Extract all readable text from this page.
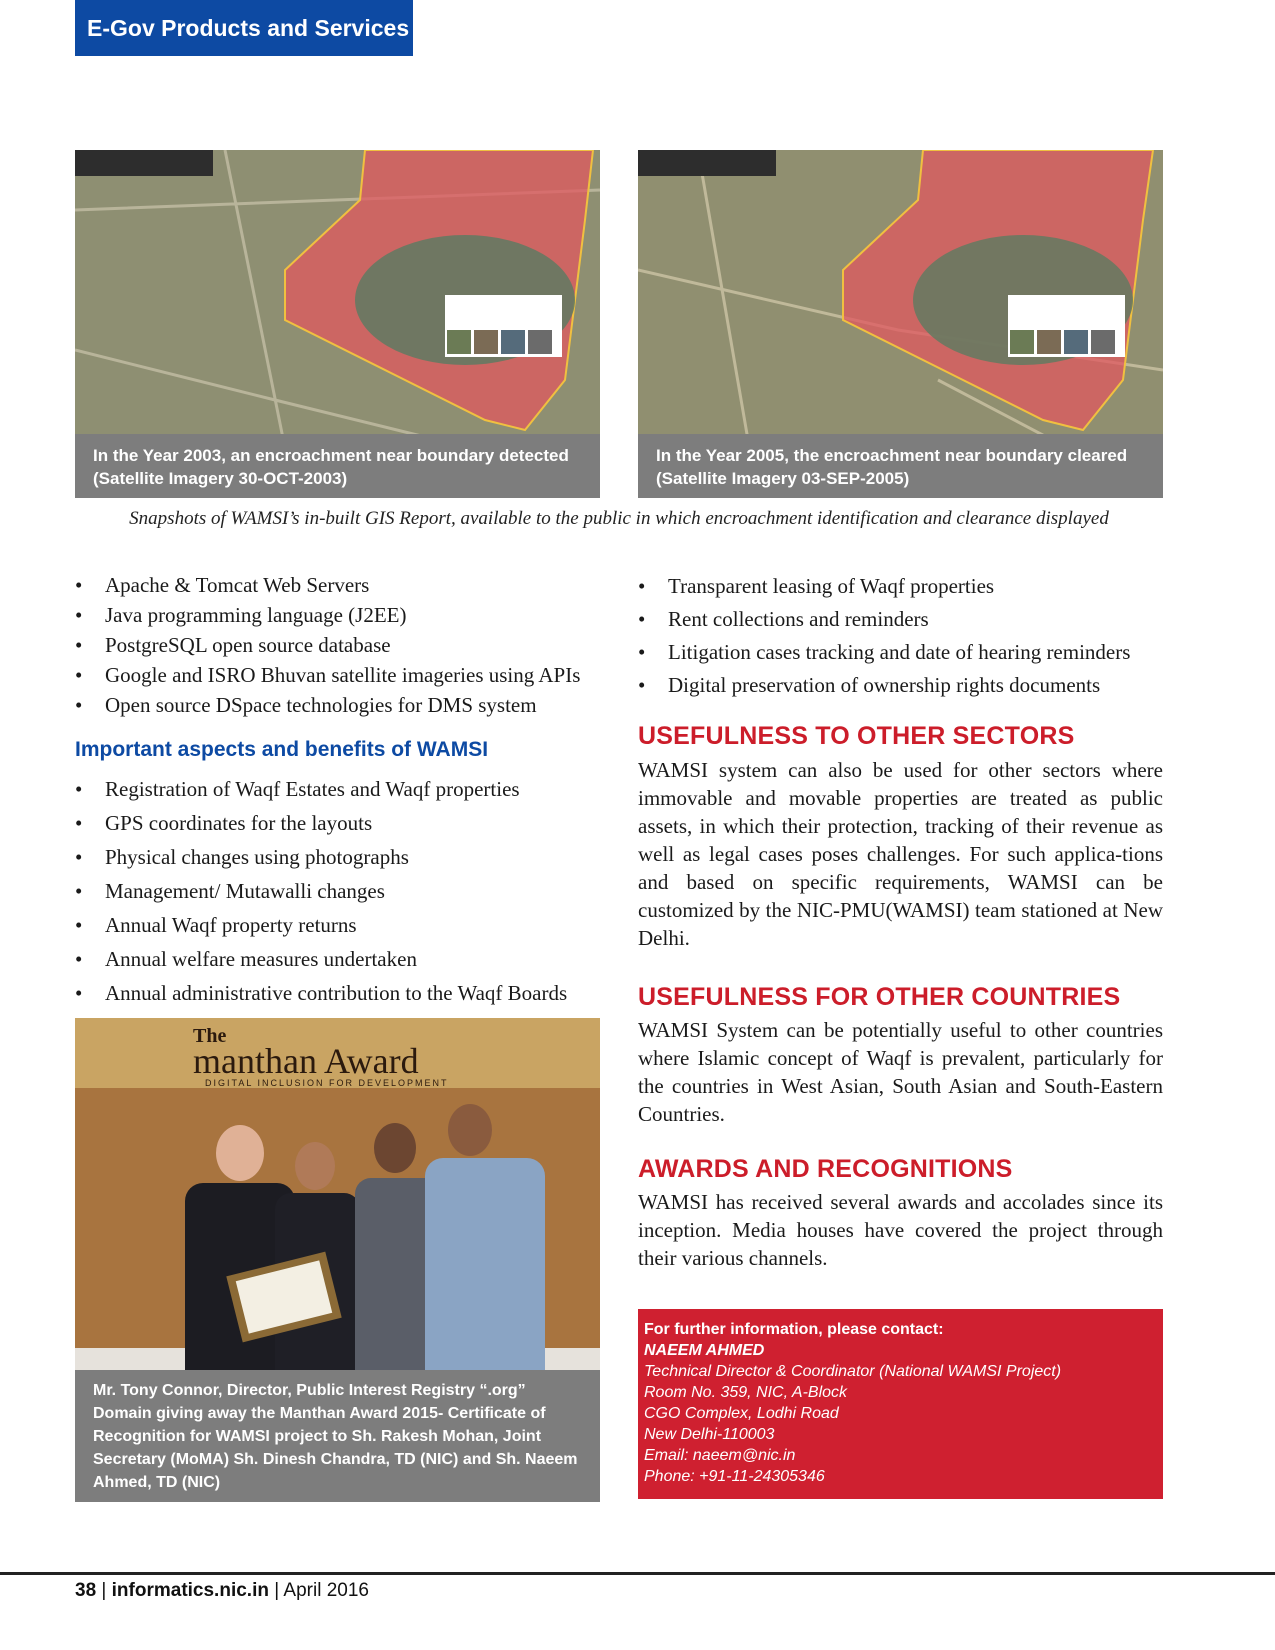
E-Gov Products and Services
In the Year 2003, an encroachment near boundary detected
(Satellite Imagery 30-OCT-2003)
In the Year 2005, the encroachment near boundary cleared
(Satellite Imagery 03-SEP-2005)
Snapshots of WAMSI’s in-built GIS Report, available to the public in which encroachment identification and clearance displayed
• Apache & Tomcat Web Servers
• Java programming language (J2EE)
• PostgreSQL open source database
• Google and ISRO Bhuvan satellite imageries using APIs
• Open source DSpace technologies for DMS system
Important aspects and benefits of WAMSI
• Registration of Waqf Estates and Waqf properties
• GPS coordinates for the layouts
• Physical changes using photographs
• Management/ Mutawalli changes
• Annual Waqf property returns
• Annual welfare measures undertaken
• Annual administrative contribution to the Waqf Boards
The
manthan Award
DIGITAL INCLUSION FOR DEVELOPMENT
Mr. Tony Connor, Director, Public Interest Registry “.org” Domain giving away the Manthan Award 2015- Certificate of Recognition for WAMSI project to Sh. Rakesh Mohan, Joint Secretary (MoMA) Sh. Dinesh Chandra, TD (NIC) and Sh. Naeem Ahmed, TD (NIC)
• Transparent leasing of Waqf properties
• Rent collections and reminders
• Litigation cases tracking and date of hearing reminders
• Digital preservation of ownership rights documents
USEFULNESS TO OTHER SECTORS
WAMSI system can also be used for other sectors where immovable and movable properties are treated as public assets, in which their protection, tracking of their revenue as well as legal cases poses challenges. For such applica-tions and based on specific requirements, WAMSI can be customized by the NIC-PMU(WAMSI) team stationed at New Delhi.
USEFULNESS FOR OTHER COUNTRIES
WAMSI System can be potentially useful to other countries where Islamic concept of Waqf is prevalent, particularly for the countries in West Asian, South Asian and South-Eastern Countries.
AWARDS AND RECOGNITIONS
WAMSI has received several awards and accolades since its inception. Media houses have covered the project through their various channels.
For further information, please contact:
NAEEM AHMED
Technical Director & Coordinator (National WAMSI Project)
Room No. 359, NIC, A-Block
CGO Complex, Lodhi Road
New Delhi-110003
Email: naeem@nic.in
Phone: +91-11-24305346
38 | informatics.nic.in | April 2016
